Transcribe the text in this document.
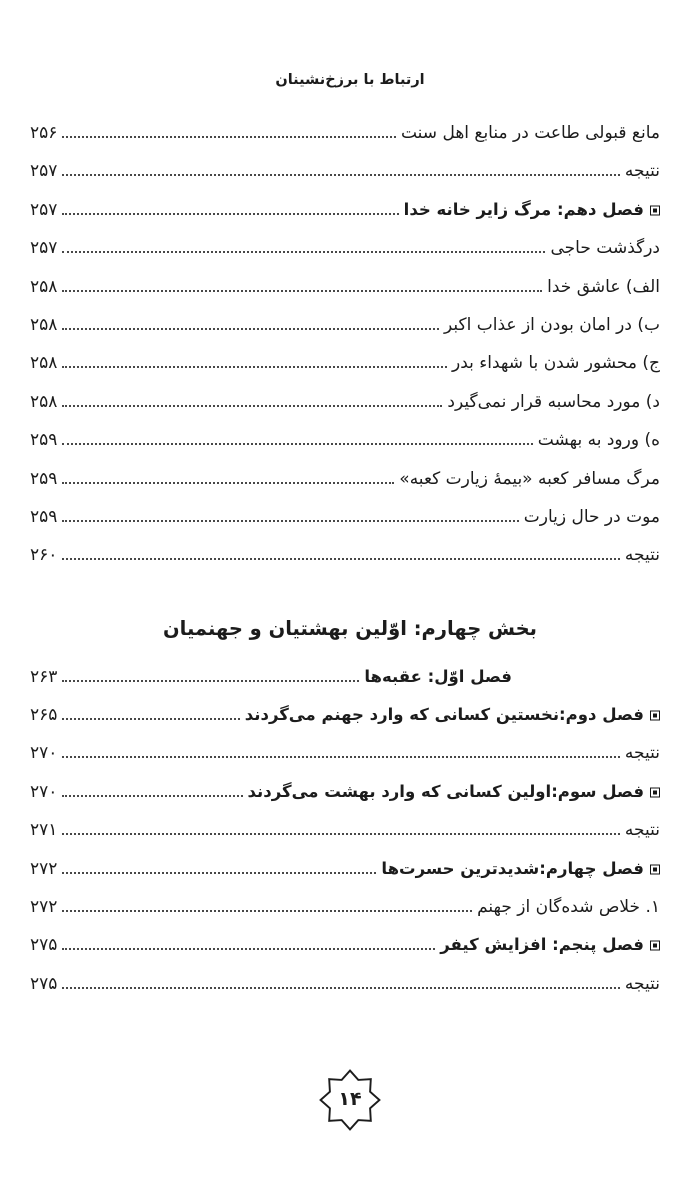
ارتباط با برزخ‌نشینان
مانع قبولی طاعت در منابع اهل سنت
۲۵۶
نتیجه
۲۵۷
فصل دهم: مرگ زایر خانه خدا
۲۵۷
درگذشت حاجی
۲۵۷
الف) عاشق خدا
۲۵۸
ب) در امان بودن از عذاب اکبر
۲۵۸
ج) محشور شدن با شهداء بدر
۲۵۸
د) مورد محاسبه قرار نمی‌گیرد
۲۵۸
ه) ورود به بهشت
۲۵۹
مرگ مسافر کعبه «بیمهٔ زیارت کعبه»
۲۵۹
موت در حال زیارت
۲۵۹
نتیجه
۲۶۰
بخش چهارم: اوّلین بهشتیان و جهنمیان
فصل اوّل: عقبه‌ها
۲۶۳
فصل دوم:نخستین کسانی که وارد جهنم می‌گردند
۲۶۵
نتیجه
۲۷۰
فصل سوم:اولین کسانی که وارد بهشت می‌گردند
۲۷۰
نتیجه
۲۷۱
فصل چهارم:شدیدترین حسرت‌ها
۲۷۲
۱. خلاص شده‌گان از جهنم
۲۷۲
فصل پنجم: افزایش کیفر
۲۷۵
نتیجه
۲۷۵
۱۴
